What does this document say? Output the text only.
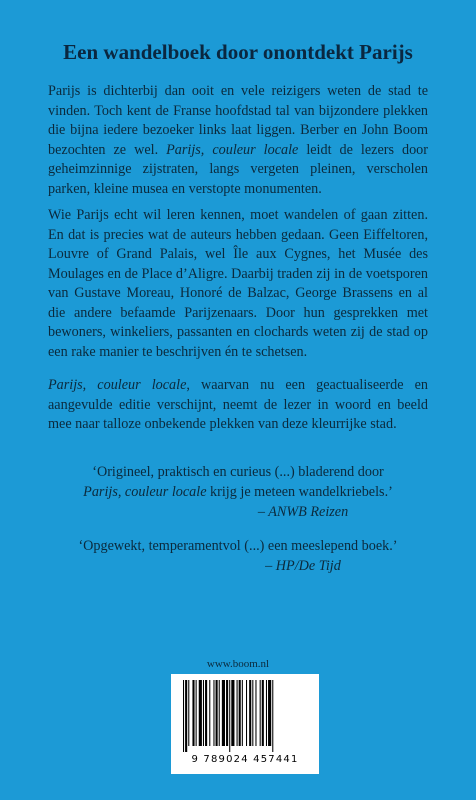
Een wandelboek door onontdekt Parijs
Parijs is dichterbij dan ooit en vele reizigers weten de stad te vinden. Toch kent de Franse hoofdstad tal van bijzondere plekken die bijna iedere bezoeker links laat liggen. Berber en John Boom bezochten ze wel. Parijs, couleur locale leidt de lezers door geheimzinnige zijstraten, langs vergeten pleinen, verscholen parken, kleine musea en verstopte monumenten.
Wie Parijs echt wil leren kennen, moet wandelen of gaan zitten. En dat is precies wat de auteurs hebben gedaan. Geen Eiffeltoren, Louvre of Grand Palais, wel Île aux Cygnes, het Musée des Moulages en de Place d’Aligre. Daarbij traden zij in de voetsporen van Gustave Moreau, Honoré de Balzac, George Brassens en al die andere befaamde Parijzenaars. Door hun gesprekken met bewoners, winkeliers, passanten en clochards weten zij de stad op een rake manier te beschrijven én te schetsen.
Parijs, couleur locale, waarvan nu een geactualiseerde en aangevulde editie verschijnt, neemt de lezer in woord en beeld mee naar talloze onbekende plekken van deze kleurrijke stad.
‘Origineel, praktisch en curieus (...) bladerend door
Parijs, couleur locale krijg je meteen wandelkriebels.’

– ANWB Reizen
‘Opgewekt, temperamentvol (...) een meeslepend boek.’

– HP/De Tijd
www.boom.nl
9 789024 457441
